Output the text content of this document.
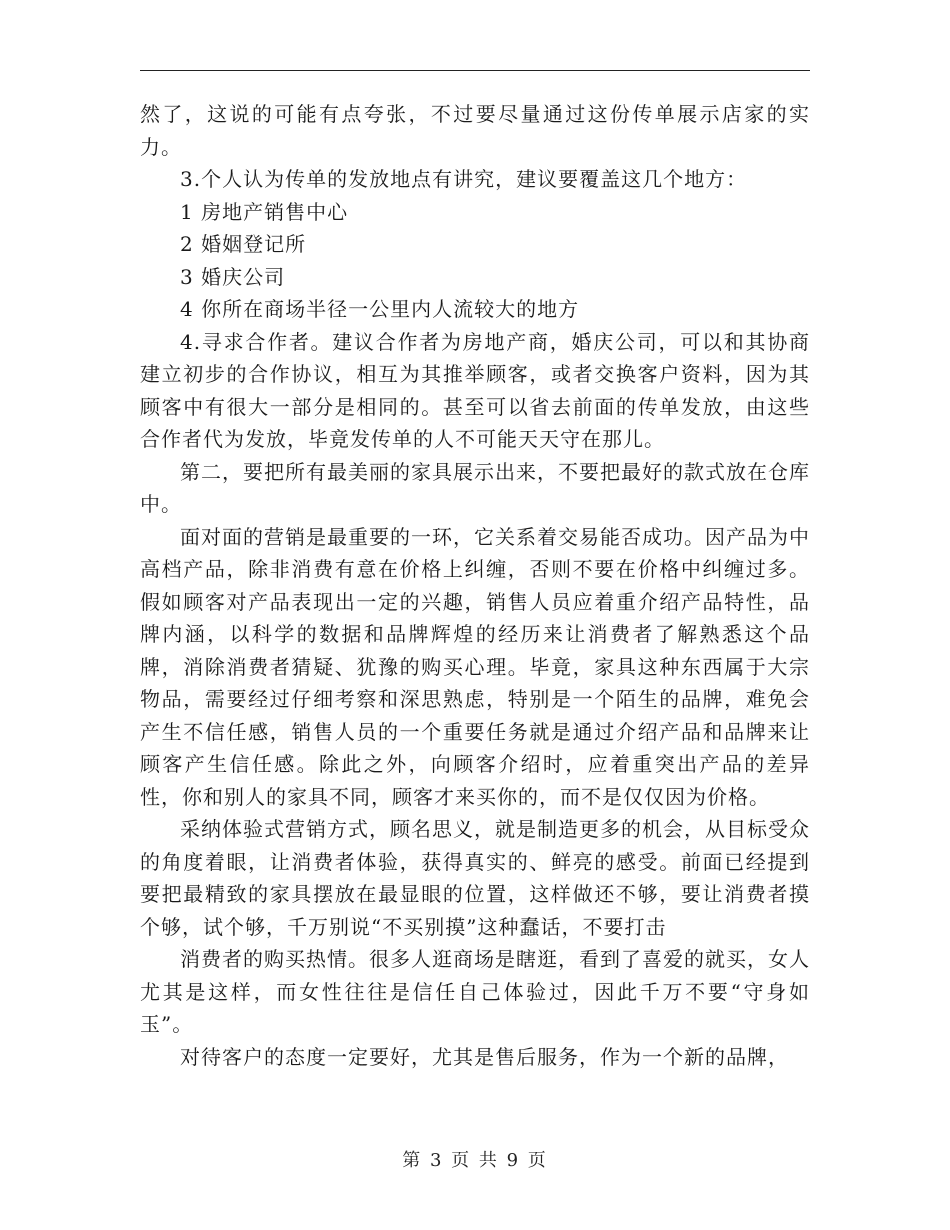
然了，这说的可能有点夸张，不过要尽量通过这份传单展示店家的实力。

3.个人认为传单的发放地点有讲究，建议要覆盖这几个地方：

1 房地产销售中心

2 婚姻登记所

3 婚庆公司

4 你所在商场半径一公里内人流较大的地方

4.寻求合作者。建议合作者为房地产商，婚庆公司，可以和其协商建立初步的合作协议，相互为其推举顾客，或者交换客户资料，因为其顾客中有很大一部分是相同的。甚至可以省去前面的传单发放，由这些合作者代为发放，毕竟发传单的人不可能天天守在那儿。

第二，要把所有最美丽的家具展示出来，不要把最好的款式放在仓库中。

面对面的营销是最重要的一环，它关系着交易能否成功。因产品为中高档产品，除非消费有意在价格上纠缠，否则不要在价格中纠缠过多。假如顾客对产品表现出一定的兴趣，销售人员应着重介绍产品特性，品牌内涵，以科学的数据和品牌辉煌的经历来让消费者了解熟悉这个品牌，消除消费者猜疑、犹豫的购买心理。毕竟，家具这种东西属于大宗物品，需要经过仔细考察和深思熟虑，特别是一个陌生的品牌，难免会产生不信任感，销售人员的一个重要任务就是通过介绍产品和品牌来让顾客产生信任感。除此之外，向顾客介绍时，应着重突出产品的差异性，你和别人的家具不同，顾客才来买你的，而不是仅仅因为价格。

采纳体验式营销方式，顾名思义，就是制造更多的机会，从目标受众的角度着眼，让消费者体验，获得真实的、鲜亮的感受。前面已经提到要把最精致的家具摆放在最显眼的位置，这样做还不够，要让消费者摸个够，试个够，千万别说“不买别摸”这种蠢话，不要打击

消费者的购买热情。很多人逛商场是瞎逛，看到了喜爱的就买，女人尤其是这样，而女性往往是信任自己体验过，因此千万不要“守身如玉”。

对待客户的态度一定要好，尤其是售后服务，作为一个新的品牌，

第 3 页 共 9 页
